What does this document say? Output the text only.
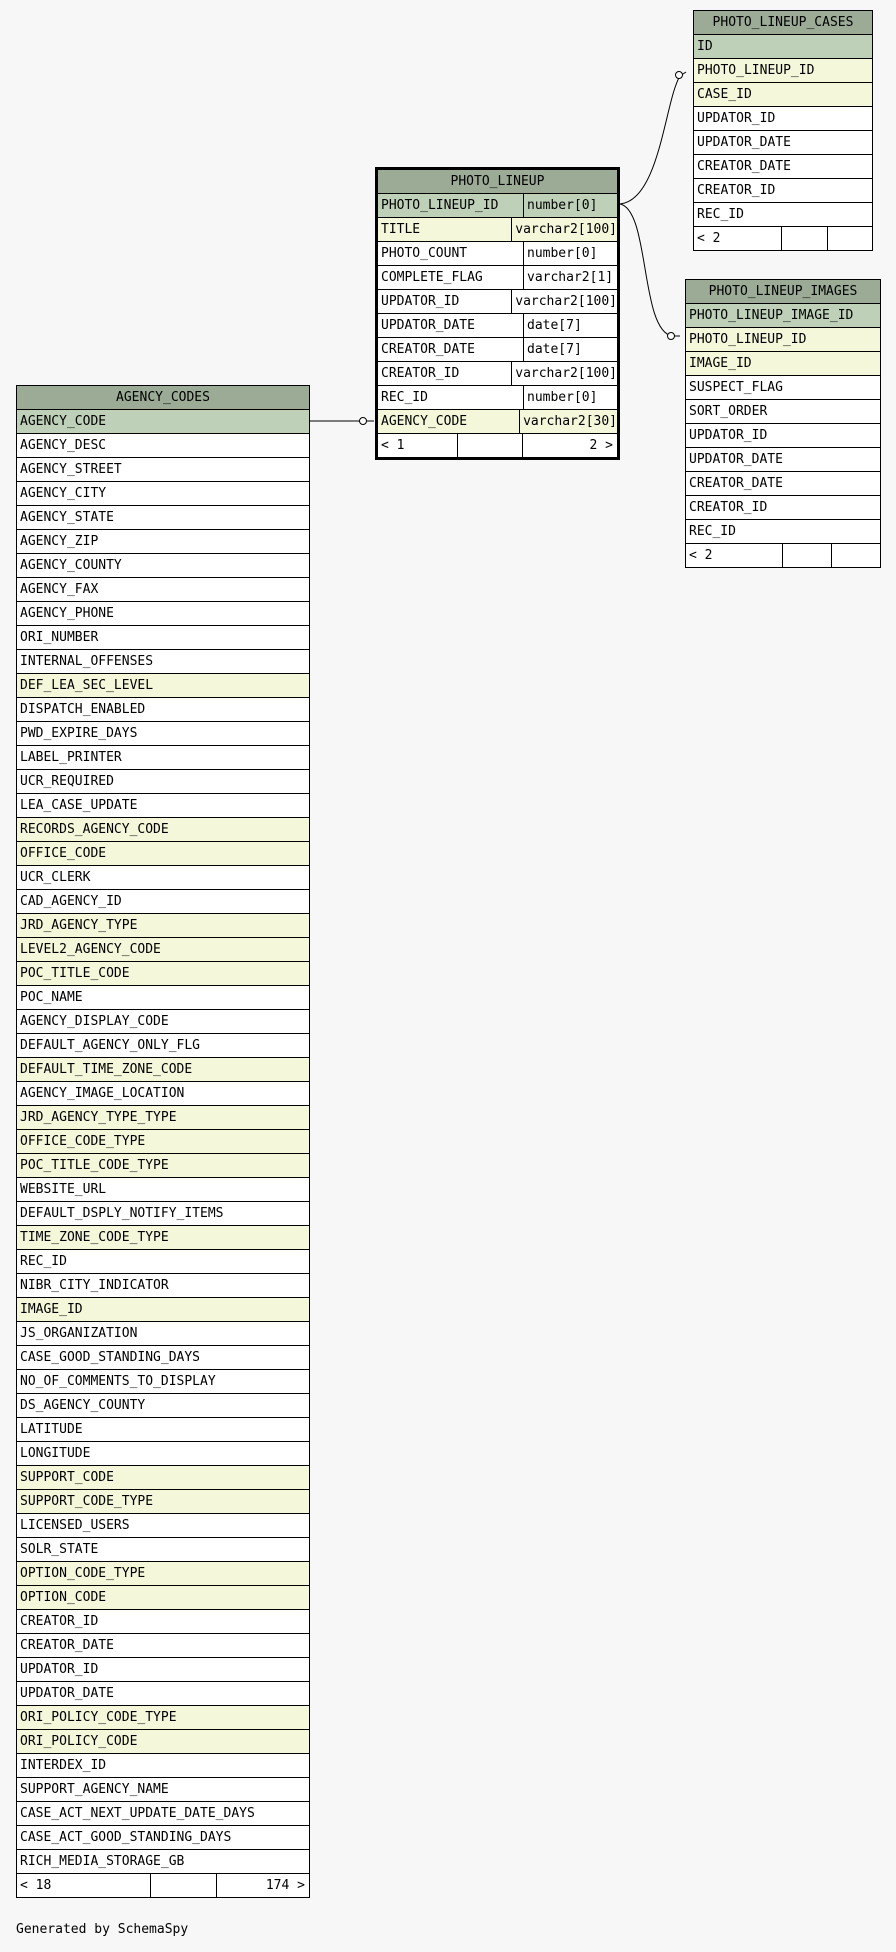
PHOTO_LINEUP_CASES
ID
PHOTO_LINEUP_ID
CASE_ID
UPDATOR_ID
UPDATOR_DATE
CREATOR_DATE
CREATOR_ID
REC_ID
< 2
PHOTO_LINEUP
PHOTO_LINEUP_ID	number[0]
TITLE	varchar2[100]
PHOTO_COUNT	number[0]
COMPLETE_FLAG	varchar2[1]
UPDATOR_ID	varchar2[100]
UPDATOR_DATE	date[7]
CREATOR_DATE	date[7]
CREATOR_ID	varchar2[100]
REC_ID	number[0]
AGENCY_CODE	varchar2[30]
< 1	2 >
PHOTO_LINEUP_IMAGES
PHOTO_LINEUP_IMAGE_ID
PHOTO_LINEUP_ID
IMAGE_ID
SUSPECT_FLAG
SORT_ORDER
UPDATOR_ID
UPDATOR_DATE
CREATOR_DATE
CREATOR_ID
REC_ID
< 2
AGENCY_CODES
AGENCY_CODE
AGENCY_DESC
AGENCY_STREET
AGENCY_CITY
AGENCY_STATE
AGENCY_ZIP
AGENCY_COUNTY
AGENCY_FAX
AGENCY_PHONE
ORI_NUMBER
INTERNAL_OFFENSES
DEF_LEA_SEC_LEVEL
DISPATCH_ENABLED
PWD_EXPIRE_DAYS
LABEL_PRINTER
UCR_REQUIRED
LEA_CASE_UPDATE
RECORDS_AGENCY_CODE
OFFICE_CODE
UCR_CLERK
CAD_AGENCY_ID
JRD_AGENCY_TYPE
LEVEL2_AGENCY_CODE
POC_TITLE_CODE
POC_NAME
AGENCY_DISPLAY_CODE
DEFAULT_AGENCY_ONLY_FLG
DEFAULT_TIME_ZONE_CODE
AGENCY_IMAGE_LOCATION
JRD_AGENCY_TYPE_TYPE
OFFICE_CODE_TYPE
POC_TITLE_CODE_TYPE
WEBSITE_URL
DEFAULT_DSPLY_NOTIFY_ITEMS
TIME_ZONE_CODE_TYPE
REC_ID
NIBR_CITY_INDICATOR
IMAGE_ID
JS_ORGANIZATION
CASE_GOOD_STANDING_DAYS
NO_OF_COMMENTS_TO_DISPLAY
DS_AGENCY_COUNTY
LATITUDE
LONGITUDE
SUPPORT_CODE
SUPPORT_CODE_TYPE
LICENSED_USERS
SOLR_STATE
OPTION_CODE_TYPE
OPTION_CODE
CREATOR_ID
CREATOR_DATE
UPDATOR_ID
UPDATOR_DATE
ORI_POLICY_CODE_TYPE
ORI_POLICY_CODE
INTERDEX_ID
SUPPORT_AGENCY_NAME
CASE_ACT_NEXT_UPDATE_DATE_DAYS
CASE_ACT_GOOD_STANDING_DAYS
RICH_MEDIA_STORAGE_GB
< 18	174 >
Generated by SchemaSpy
